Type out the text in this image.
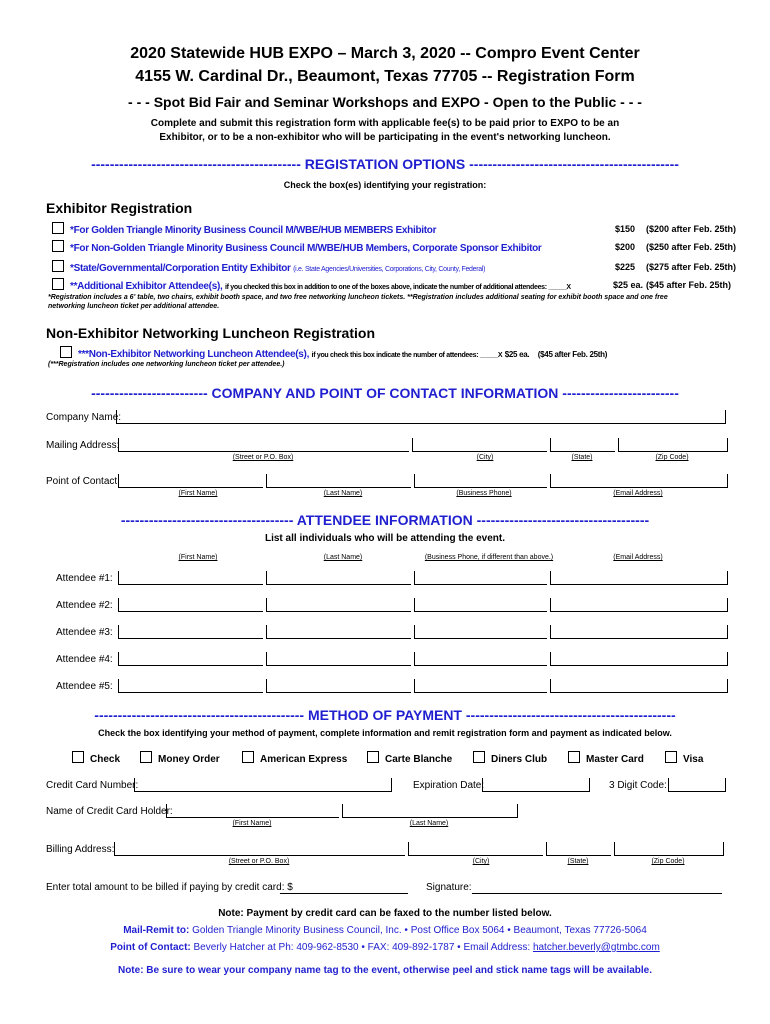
2020 Statewide HUB EXPO – March 3, 2020 -- Compro Event Center
4155 W. Cardinal Dr., Beaumont, Texas 77705 -- Registration Form
- - - Spot Bid Fair and Seminar Workshops and EXPO - Open to the Public - - -
Complete and submit this registration form with applicable fee(s) to be paid prior to EXPO to be an
Exhibitor, or to be a non-exhibitor who will be participating in the event's networking luncheon.
--------------------------------------------- REGISTATION OPTIONS ---------------------------------------------
Check the box(es) identifying your registration:
Exhibitor Registration
*For Golden Triangle Minority Business Council M/WBE/HUB MEMBERS Exhibitor	$150 ($200 after Feb. 25th)
*For Non-Golden Triangle Minority Business Council M/WBE/HUB Members, Corporate Sponsor Exhibitor	$200 ($250 after Feb. 25th)
*State/Governmental/Corporation Entity Exhibitor (i.e. State Agencies/Universities, Corporations, City, County, Federal)	$225 ($275 after Feb. 25th)
**Additional Exhibitor Attendee(s), if you checked this box in addition to one of the boxes above, indicate the number of additional attendees: _____X	$25 ea. ($45 after Feb. 25th)
*Registration includes a 6' table, two chairs, exhibit booth space, and two free networking luncheon tickets. **Registration includes additional seating for exhibit booth space and one free
networking luncheon ticket per additional attendee.
Non-Exhibitor Networking Luncheon Registration
***Non-Exhibitor Networking Luncheon Attendee(s), if you check this box indicate the number of attendees: _____X $25 ea. ($45 after Feb. 25th)
(***Registration includes one networking luncheon ticket per attendee.)
------------------------- COMPANY AND POINT OF CONTACT INFORMATION -------------------------
Company Name:
Mailing Address:
(Street or P.O. Box)	(City)	(State)	(Zip Code)
Point of Contact:
(First Name)	(Last Name)	(Business Phone)	(Email Address)
------------------------------------- ATTENDEE INFORMATION -------------------------------------
List all individuals who will be attending the event.
(First Name)	(Last Name)	(Business Phone, if different than above.)	(Email Address)
Attendee #1:
Attendee #2:
Attendee #3:
Attendee #4:
Attendee #5:
--------------------------------------------- METHOD OF PAYMENT ---------------------------------------------
Check the box identifying your method of payment, complete information and remit registration form and payment as indicated below.
Check	Money Order	American Express	Carte Blanche	Diners Club	Master Card	Visa
Credit Card Number:	Expiration Date:	3 Digit Code:
Name of Credit Card Holder:
(First Name)	(Last Name)
Billing Address:
(Street or P.O. Box)	(City)	(State)	(Zip Code)
Enter total amount to be billed if paying by credit card: $	Signature:
Note: Payment by credit card can be faxed to the number listed below.
Mail-Remit to: Golden Triangle Minority Business Council, Inc. • Post Office Box 5064 • Beaumont, Texas 77726-5064
Point of Contact: Beverly Hatcher at Ph: 409-962-8530 • FAX: 409-892-1787 • Email Address: hatcher.beverly@gtmbc.com
Note: Be sure to wear your company name tag to the event, otherwise peel and stick name tags will be available.
